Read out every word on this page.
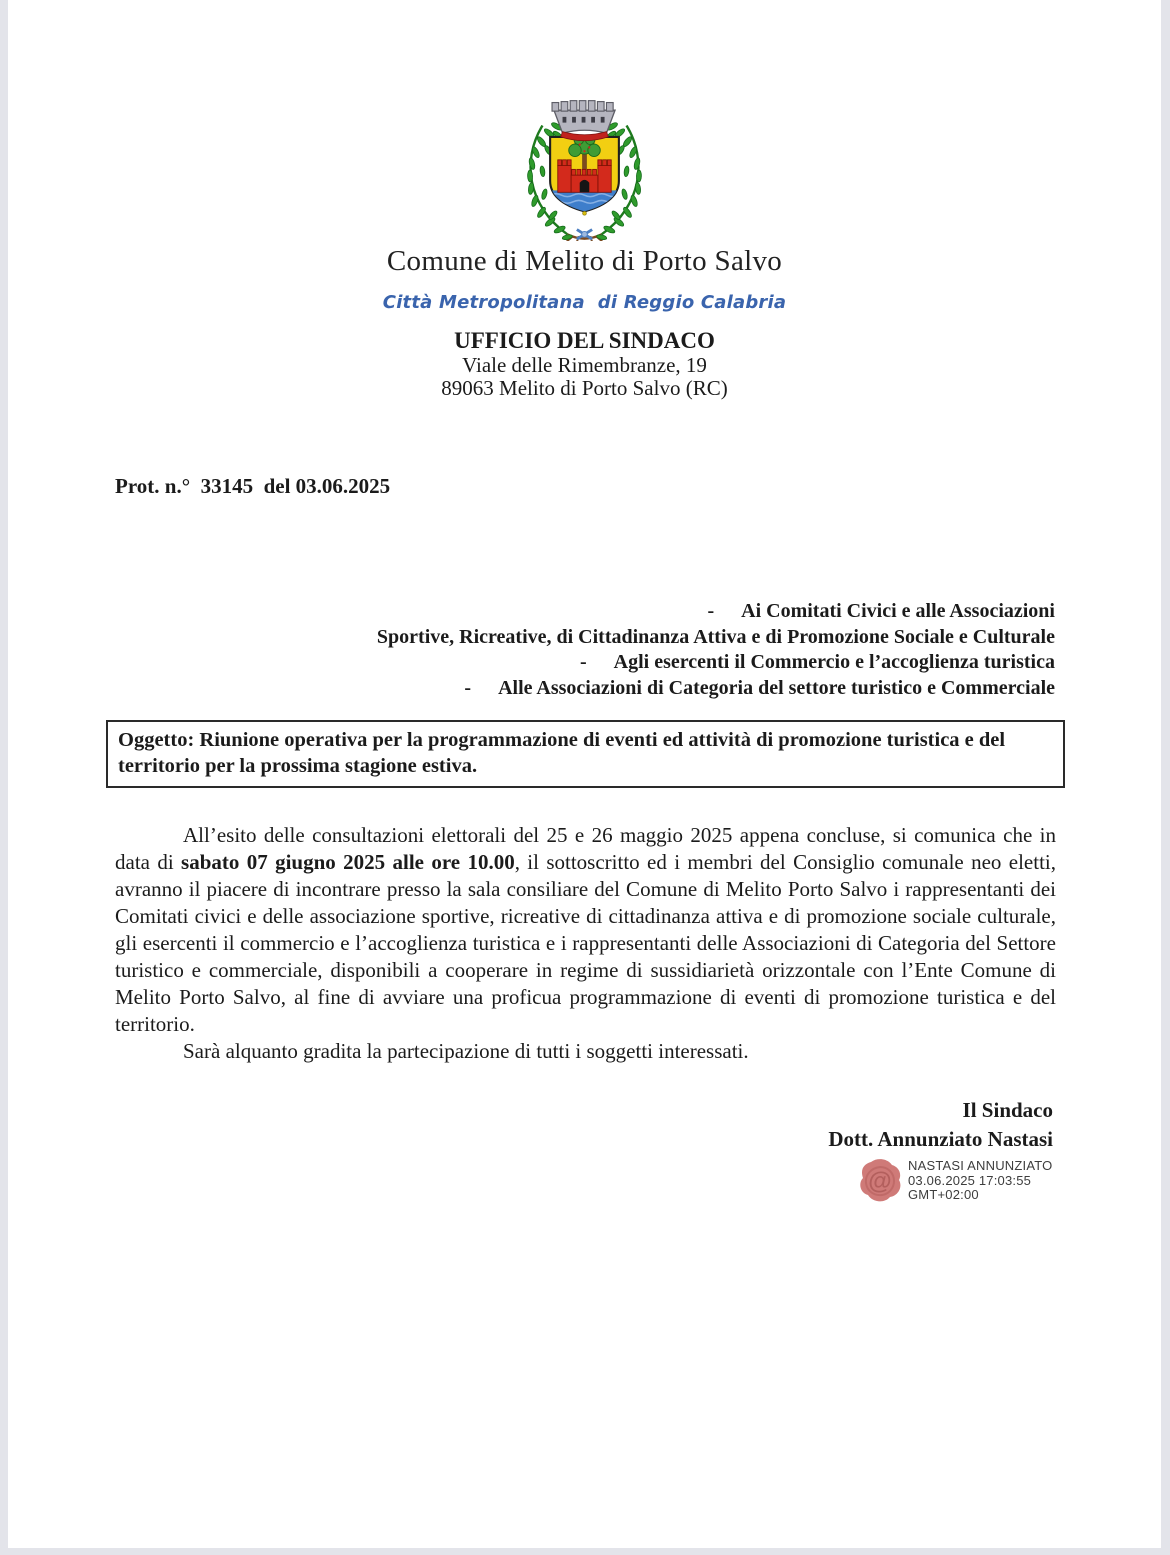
Comune di Melito di Porto Salvo
Città Metropolitana  di Reggio Calabria
UFFICIO DEL SINDACO
Viale delle Rimembranze, 19
89063 Melito di Porto Salvo (RC)
Prot. n.°  33145  del 03.06.2025
- Ai Comitati Civici e alle Associazioni
Sportive, Ricreative, di Cittadinanza Attiva e di Promozione Sociale e Culturale
- Agli esercenti il Commercio e l’accoglienza turistica
- Alle Associazioni di Categoria del settore turistico e Commerciale
Oggetto: Riunione operativa per la programmazione di eventi ed attività di promozione turistica e del territorio per la prossima stagione estiva.

All’esito delle consultazioni elettorali del 25 e 26 maggio 2025 appena concluse, si comunica che in data di sabato 07 giugno 2025 alle ore 10.00, il sottoscritto ed i membri del Consiglio comunale neo eletti, avranno il piacere di incontrare presso la sala consiliare del Comune di Melito Porto Salvo i rappresentanti dei Comitati civici e delle associazione sportive, ricreative di cittadinanza attiva e di promozione sociale culturale, gli esercenti il commercio e l’accoglienza turistica e i rappresentanti delle Associazioni di Categoria del Settore turistico e commerciale, disponibili a cooperare in regime di sussidiarietà orizzontale con l’Ente Comune di Melito Porto Salvo, al fine di avviare una proficua programmazione di eventi di promozione turistica e del territorio.

Sarà alquanto gradita la partecipazione di tutti i soggetti interessati.

Il Sindaco
Dott. Annunziato Nastasi
@
NASTASI ANNUNZIATO
03.06.2025 17:03:55
GMT+02:00
